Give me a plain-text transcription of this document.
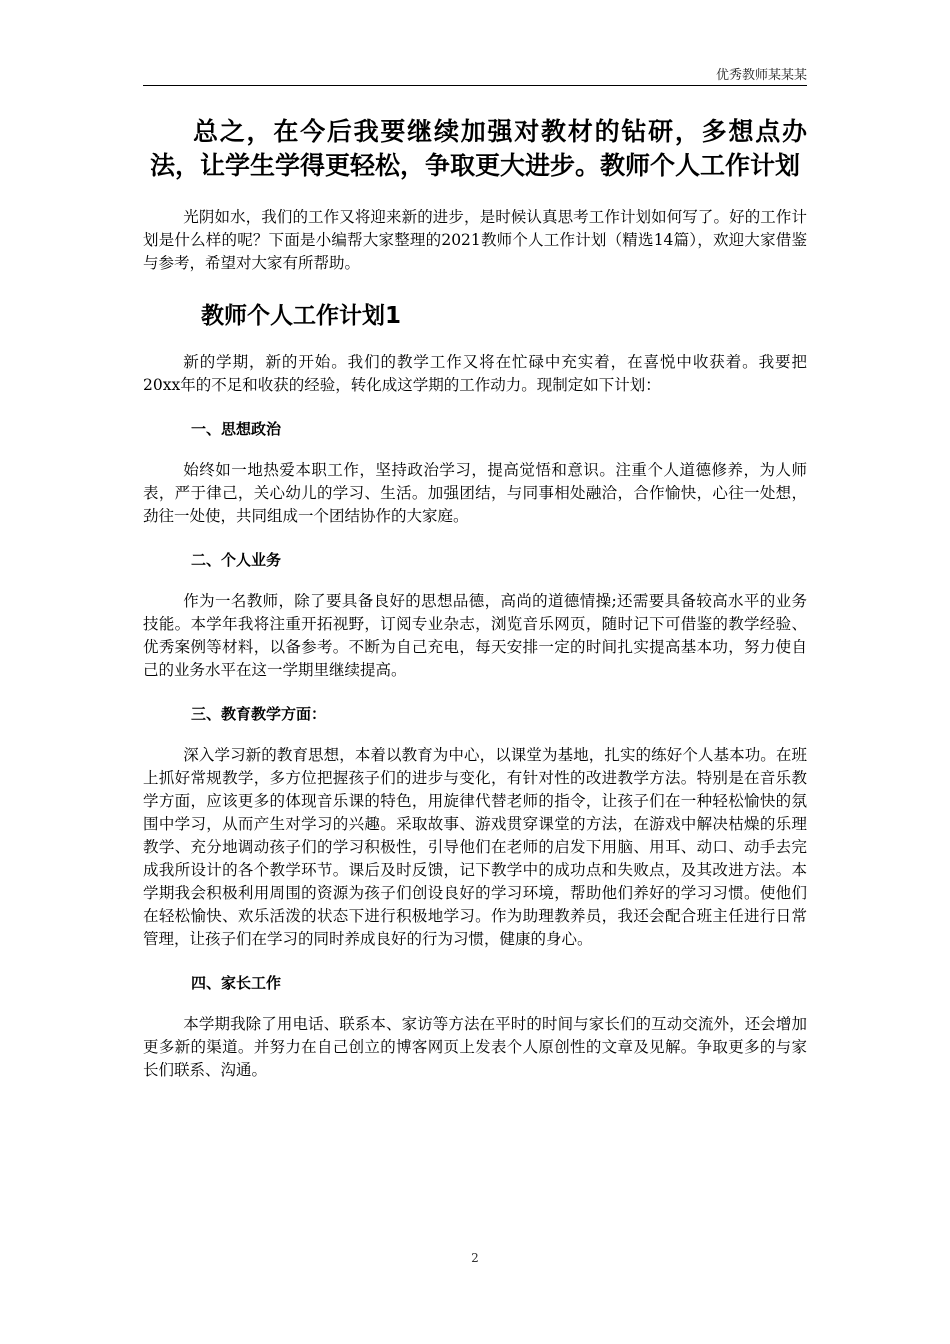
优秀教师某某某
总之，在今后我要继续加强对教材的钻研，多想点办法，让学生学得更轻松，争取更大进步。教师个人工作计划

光阴如水，我们的工作又将迎来新的进步，是时候认真思考工作计划如何写了。好的工作计划是什么样的呢？下面是小编帮大家整理的2021教师个人工作计划（精选14篇），欢迎大家借鉴与参考，希望对大家有所帮助。

教师个人工作计划1

新的学期，新的开始。我们的教学工作又将在忙碌中充实着，在喜悦中收获着。我要把20xx年的不足和收获的经验，转化成这学期的工作动力。现制定如下计划：

一、思想政治

始终如一地热爱本职工作，坚持政治学习，提高觉悟和意识。注重个人道德修养，为人师表，严于律己，关心幼儿的学习、生活。加强团结，与同事相处融洽，合作愉快，心往一处想，劲往一处使，共同组成一个团结协作的大家庭。

二、个人业务

作为一名教师，除了要具备良好的思想品德，高尚的道德情操;还需要具备较高水平的业务技能。本学年我将注重开拓视野，订阅专业杂志，浏览音乐网页，随时记下可借鉴的教学经验、优秀案例等材料，以备参考。不断为自己充电，每天安排一定的时间扎实提高基本功，努力使自己的业务水平在这一学期里继续提高。

三、教育教学方面：

深入学习新的教育思想，本着以教育为中心，以课堂为基地，扎实的练好个人基本功。在班上抓好常规教学，多方位把握孩子们的进步与变化，有针对性的改进教学方法。特别是在音乐教学方面，应该更多的体现音乐课的特色，用旋律代替老师的指令，让孩子们在一种轻松愉快的氛围中学习，从而产生对学习的兴趣。采取故事、游戏贯穿课堂的方法，在游戏中解决枯燥的乐理教学、充分地调动孩子们的学习积极性，引导他们在老师的启发下用脑、用耳、动口、动手去完成我所设计的各个教学环节。课后及时反馈，记下教学中的成功点和失败点，及其改进方法。本学期我会积极利用周围的资源为孩子们创设良好的学习环境，帮助他们养好的学习习惯。使他们在轻松愉快、欢乐活泼的状态下进行积极地学习。作为助理教养员，我还会配合班主任进行日常管理，让孩子们在学习的同时养成良好的行为习惯，健康的身心。

四、家长工作

本学期我除了用电话、联系本、家访等方法在平时的时间与家长们的互动交流外，还会增加更多新的渠道。并努力在自己创立的博客网页上发表个人原创性的文章及见解。争取更多的与家长们联系、沟通。

2
